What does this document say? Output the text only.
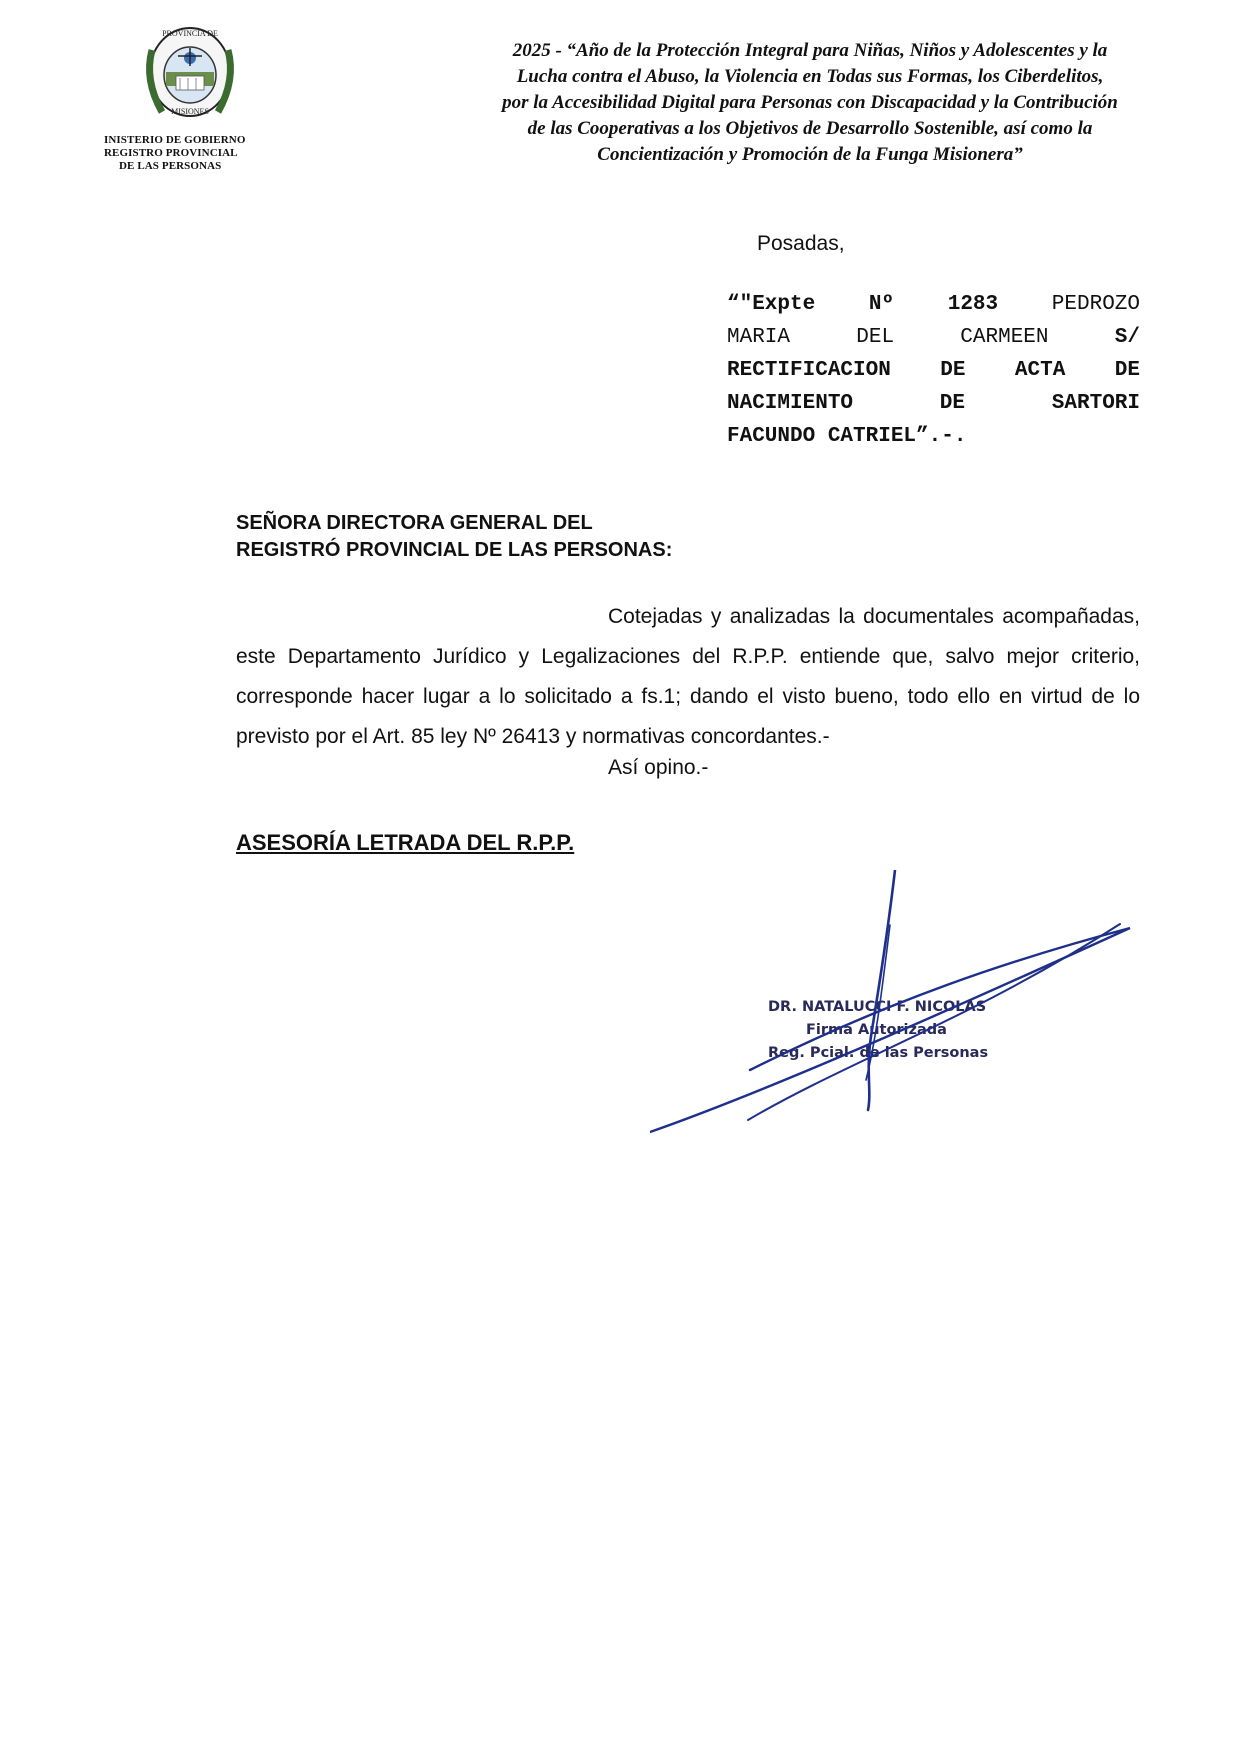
PROVINCIA DE
MISIONES
INISTERIO DE GOBIERNO
REGISTRO PROVINCIAL
DE LAS PERSONAS
2025 - “Año de la Protección Integral para Niñas, Niños y Adolescentes y la
Lucha contra el Abuso, la Violencia en Todas sus Formas, los Ciberdelitos,
por la Accesibilidad Digital para Personas con Discapacidad y la Contribución
de las Cooperativas a los Objetivos de Desarrollo Sostenible, así como la
Concientización y Promoción de la Funga Misionera”
Posadas,
“"Expte	Nº	1283	PEDROZO
MARIA	DEL	CARMEEN	S/
RECTIFICACION DE ACTA DE
NACIMIENTO	DE	SARTORI
FACUNDO CATRIEL”.-.
SEÑORA DIRECTORA GENERAL DEL
REGISTRÓ PROVINCIAL DE LAS PERSONAS:

Cotejadas y analizadas la documentales acompañadas, este Departamento Jurídico y Legalizaciones del R.P.P. entiende que, salvo mejor criterio, corresponde hacer lugar a lo solicitado a fs.1; dando el visto bueno, todo ello en virtud de lo previsto por el Art. 85 ley Nº 26413 y normativas concordantes.-

Así opino.-
ASESORÍA LETRADA DEL R.P.P.
DR. NATALUCCI F. NICOLAS
Firma Autorizada
Reg. Pcial. de las Personas
